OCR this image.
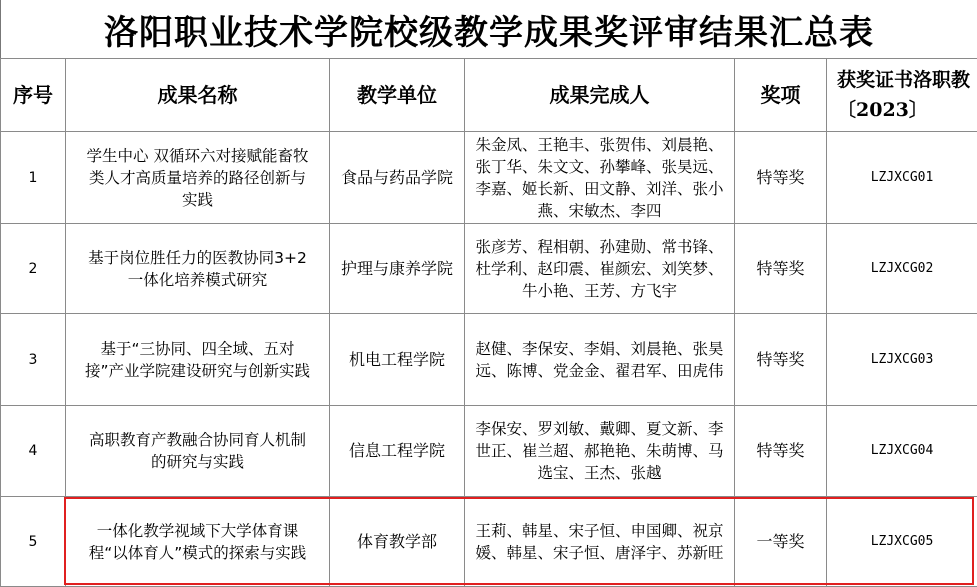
洛阳职业技术学院校级教学成果奖评审结果汇总表
序号	成果名称	教学单位	成果完成人	奖项	获奖证书洛职教 〔2023〕
1	学生中心 双循环六对接赋能畜牧类人才高质量培养的路径创新与实践	食品与药品学院	朱金凤、王艳丰、张贺伟、刘晨艳、张丁华、朱文文、孙攀峰、张昊远、李嘉、姬长新、田文静、刘洋、张小燕、宋敏杰、李四	特等奖	LZJXCG01
2	基于岗位胜任力的医教协同3+2一体化培养模式研究	护理与康养学院	张彦芳、程相朝、孙建勋、常书锋、杜学利、赵印震、崔颜宏、刘笑梦、牛小艳、王芳、方飞宇	特等奖	LZJXCG02
3	基于“三协同、四全域、五对接”产业学院建设研究与创新实践	机电工程学院	赵健、李保安、李娟、刘晨艳、张昊远、陈博、党金金、翟君军、田虎伟	特等奖	LZJXCG03
4	高职教育产教融合协同育人机制的研究与实践	信息工程学院	李保安、罗刘敏、戴卿、夏文新、李世正、崔兰超、郝艳艳、朱萌博、马选宝、王杰、张越	特等奖	LZJXCG04
5	一体化教学视域下大学体育课程“以体育人”模式的探索与实践	体育教学部	王莉、韩星、宋子恒、申国卿、祝京媛、韩星、宋子恒、唐泽宇、苏新旺	一等奖	LZJXCG05
